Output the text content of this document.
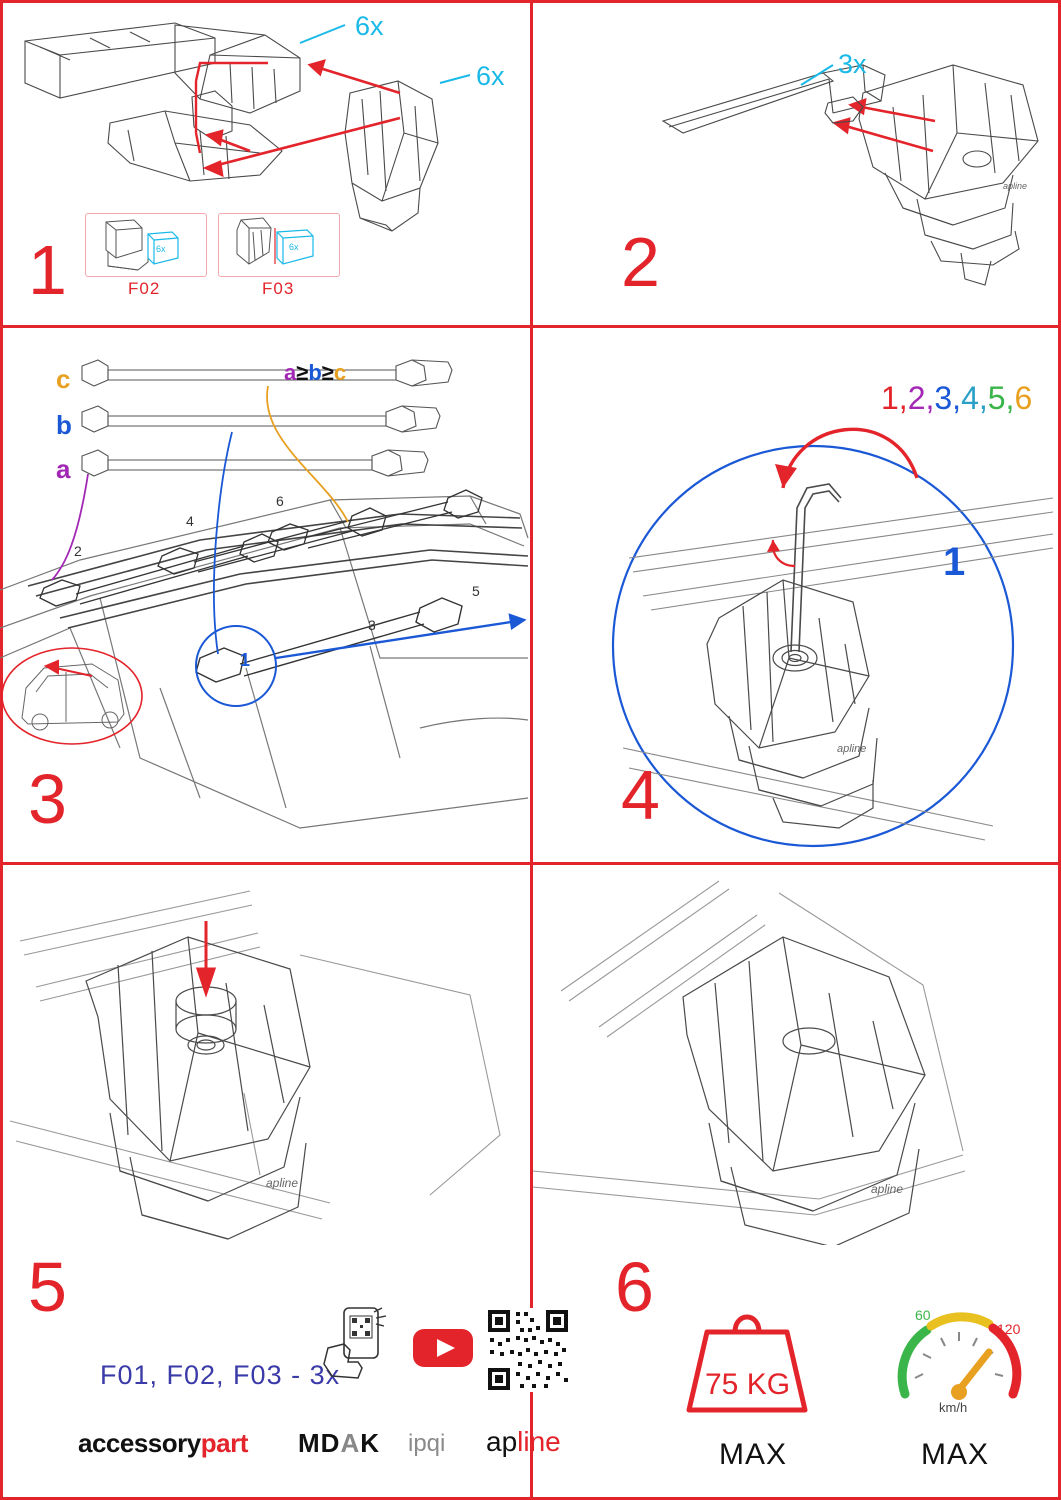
6x
6x
1	6x
F02
6x
F03
apline
3x
2
2
4
6
3
5
1
c
b
a
a≥b≥c
3
apline
1,2,3,4,5,6
1
4
apline	apline
5
F01, F02, F03 - 3x
accessorypart MDAK ipqi apline
6
75 KG
MAX
60
120
km/h
MAX
